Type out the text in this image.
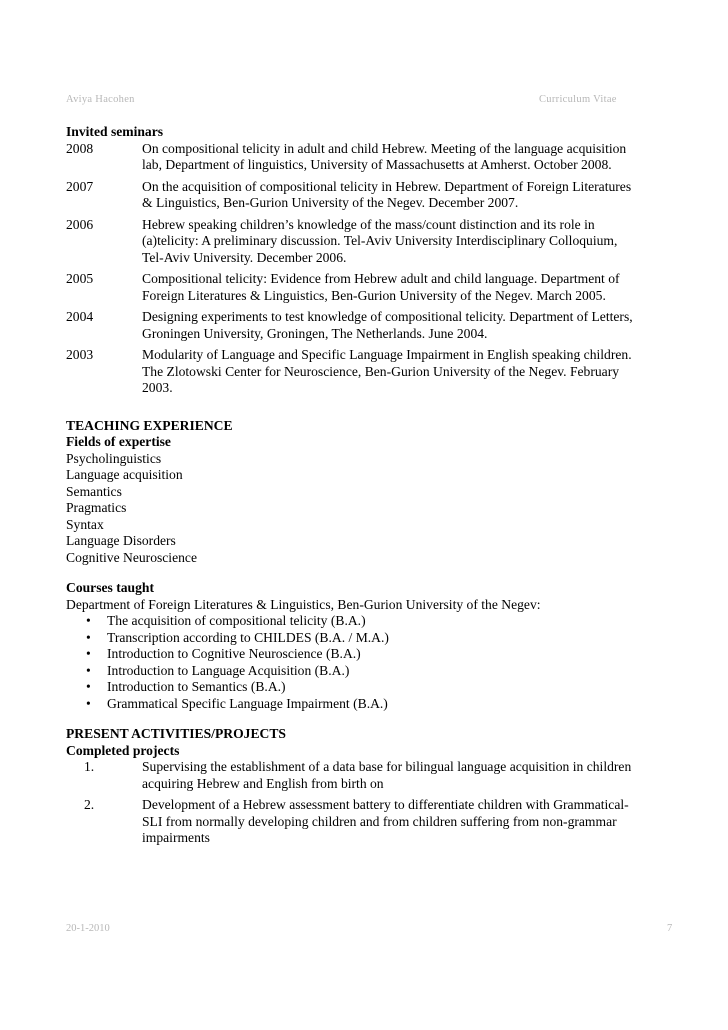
Aviya Hacohen	Curriculum Vitae
Invited seminars
2008	On compositional telicity in adult and child Hebrew. Meeting of the language acquisition
lab, Department of linguistics, University of Massachusetts at Amherst. October 2008.
2007	On the acquisition of compositional telicity in Hebrew. Department of Foreign Literatures
& Linguistics, Ben-Gurion University of the Negev. December 2007.
2006	Hebrew speaking children’s knowledge of the mass/count distinction and its role in
(a)telicity: A preliminary discussion. Tel-Aviv University Interdisciplinary Colloquium,
Tel-Aviv University. December 2006.
2005	Compositional telicity: Evidence from Hebrew adult and child language. Department of
Foreign Literatures & Linguistics, Ben-Gurion University of the Negev. March 2005.
2004	Designing experiments to test knowledge of compositional telicity. Department of Letters,
Groningen University, Groningen, The Netherlands. June 2004.
2003	Modularity of Language and Specific Language Impairment in English speaking children.
The Zlotowski Center for Neuroscience, Ben-Gurion University of the Negev. February
2003.
TEACHING EXPERIENCE
Fields of expertise
Psycholinguistics
Language acquisition
Semantics
Pragmatics
Syntax
Language Disorders
Cognitive Neuroscience
Courses taught
Department of Foreign Literatures & Linguistics, Ben-Gurion University of the Negev:
•	The acquisition of compositional telicity (B.A.)
•	Transcription according to CHILDES (B.A. / M.A.)
•	Introduction to Cognitive Neuroscience (B.A.)
•	Introduction to Language Acquisition (B.A.)
•	Introduction to Semantics (B.A.)
•	Grammatical Specific Language Impairment (B.A.)
PRESENT ACTIVITIES/PROJECTS
Completed projects
1.	Supervising the establishment of a data base for bilingual language acquisition in children
acquiring Hebrew and English from birth on
2.	Development of a Hebrew assessment battery to differentiate children with Grammatical-
SLI from normally developing children and from children suffering from non-grammar
impairments
20-1-2010	7
